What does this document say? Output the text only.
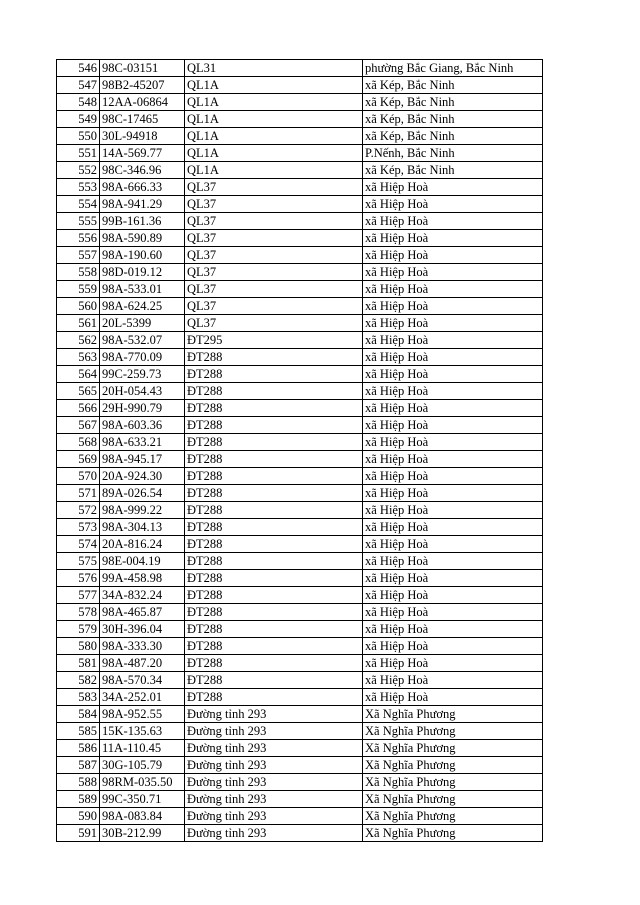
546	98C-03151	QL31	phường Bắc Giang, Bắc Ninh
547	98B2-45207	QL1A	xã Kép, Bắc Ninh
548	12AA-06864	QL1A	xã Kép, Bắc Ninh
549	98C-17465	QL1A	xã Kép, Bắc Ninh
550	30L-94918	QL1A	xã Kép, Bắc Ninh
551	14A-569.77	QL1A	P.Nếnh, Bắc Ninh
552	98C-346.96	QL1A	xã Kép, Bắc Ninh
553	98A-666.33	QL37	xã Hiệp Hoà
554	98A-941.29	QL37	xã Hiệp Hoà
555	99B-161.36	QL37	xã Hiệp Hoà
556	98A-590.89	QL37	xã Hiệp Hoà
557	98A-190.60	QL37	xã Hiệp Hoà
558	98D-019.12	QL37	xã Hiệp Hoà
559	98A-533.01	QL37	xã Hiệp Hoà
560	98A-624.25	QL37	xã Hiệp Hoà
561	20L-5399	QL37	xã Hiệp Hoà
562	98A-532.07	ĐT295	xã Hiệp Hoà
563	98A-770.09	ĐT288	xã Hiệp Hoà
564	99C-259.73	ĐT288	xã Hiệp Hoà
565	20H-054.43	ĐT288	xã Hiệp Hoà
566	29H-990.79	ĐT288	xã Hiệp Hoà
567	98A-603.36	ĐT288	xã Hiệp Hoà
568	98A-633.21	ĐT288	xã Hiệp Hoà
569	98A-945.17	ĐT288	xã Hiệp Hoà
570	20A-924.30	ĐT288	xã Hiệp Hoà
571	89A-026.54	ĐT288	xã Hiệp Hoà
572	98A-999.22	ĐT288	xã Hiệp Hoà
573	98A-304.13	ĐT288	xã Hiệp Hoà
574	20A-816.24	ĐT288	xã Hiệp Hoà
575	98E-004.19	ĐT288	xã Hiệp Hoà
576	99A-458.98	ĐT288	xã Hiệp Hoà
577	34A-832.24	ĐT288	xã Hiệp Hoà
578	98A-465.87	ĐT288	xã Hiệp Hoà
579	30H-396.04	ĐT288	xã Hiệp Hoà
580	98A-333.30	ĐT288	xã Hiệp Hoà
581	98A-487.20	ĐT288	xã Hiệp Hoà
582	98A-570.34	ĐT288	xã Hiệp Hoà
583	34A-252.01	ĐT288	xã Hiệp Hoà
584	98A-952.55	Đường tỉnh 293	Xã Nghĩa Phương
585	15K-135.63	Đường tỉnh 293	Xã Nghĩa Phương
586	11A-110.45	Đường tỉnh 293	Xã Nghĩa Phương
587	30G-105.79	Đường tỉnh 293	Xã Nghĩa Phương
588	98RM-035.50	Đường tỉnh 293	Xã Nghĩa Phương
589	99C-350.71	Đường tỉnh 293	Xã Nghĩa Phương
590	98A-083.84	Đường tỉnh 293	Xã Nghĩa Phương
591	30B-212.99	Đường tỉnh 293	Xã Nghĩa Phương
